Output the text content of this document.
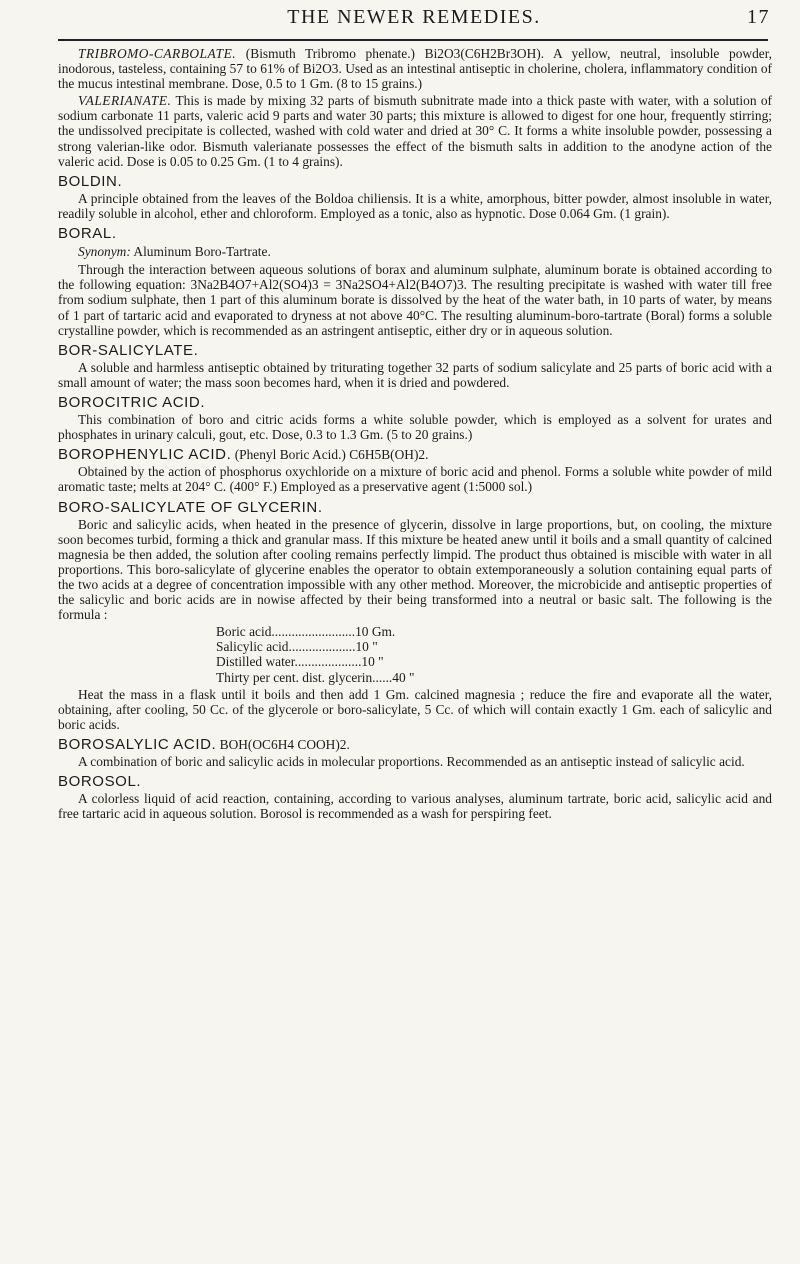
THE NEWER REMEDIES.	17

TRIBROMO-CARBOLATE. (Bismuth Tribromo phenate.) Bi2O3(C6H2Br3OH). A yellow, neutral, insoluble powder, inodorous, tasteless, containing 57 to 61% of Bi2O3. Used as an intestinal antiseptic in cholerine, cholera, inflammatory condition of the mucus intestinal membrane. Dose, 0.5 to 1 Gm. (8 to 15 grains.)

VALERIANATE. This is made by mixing 32 parts of bismuth subnitrate made into a thick paste with water, with a solution of sodium carbonate 11 parts, valeric acid 9 parts and water 30 parts; this mixture is allowed to digest for one hour, frequently stirring; the undissolved precipitate is collected, washed with cold water and dried at 30° C. It forms a white insoluble powder, possessing a strong valerian-like odor. Bismuth valerianate possesses the effect of the bismuth salts in addition to the anodyne action of the valeric acid. Dose is 0.05 to 0.25 Gm. (1 to 4 grains).

BOLDIN.

A principle obtained from the leaves of the Boldoa chiliensis. It is a white, amorphous, bitter powder, almost insoluble in water, readily soluble in alcohol, ether and chloroform. Employed as a tonic, also as hypnotic. Dose 0.064 Gm. (1 grain).

BORAL.

Synonym: Aluminum Boro-Tartrate.

Through the interaction between aqueous solutions of borax and aluminum sulphate, aluminum borate is obtained according to the following equation: 3Na2B4O7+Al2(SO4)3 = 3Na2SO4+Al2(B4O7)3. The resulting precipitate is washed with water till free from sodium sulphate, then 1 part of this aluminum borate is dissolved by the heat of the water bath, in 10 parts of water, by means of 1 part of tartaric acid and evaporated to dryness at not above 40°C. The resulting aluminum-boro-tartrate (Boral) forms a soluble crystalline powder, which is recommended as an astringent antiseptic, either dry or in aqueous solution.

BOR-SALICYLATE.

A soluble and harmless antiseptic obtained by triturating together 32 parts of sodium salicylate and 25 parts of boric acid with a small amount of water; the mass soon becomes hard, when it is dried and powdered.

BOROCITRIC ACID.

This combination of boro and citric acids forms a white soluble powder, which is employed as a solvent for urates and phosphates in urinary calculi, gout, etc. Dose, 0.3 to 1.3 Gm. (5 to 20 grains.)

BOROPHENYLIC ACID. (Phenyl Boric Acid.) C6H5B(OH)2.

Obtained by the action of phosphorus oxychloride on a mixture of boric acid and phenol. Forms a soluble white powder of mild aromatic taste; melts at 204° C. (400° F.) Employed as a preservative agent (1:5000 sol.)

BORO-SALICYLATE OF GLYCERIN.

Boric and salicylic acids, when heated in the presence of glycerin, dissolve in large proportions, but, on cooling, the mixture soon becomes turbid, forming a thick and granular mass. If this mixture be heated anew until it boils and a small quantity of calcined magnesia be then added, the solution after cooling remains perfectly limpid. The product thus obtained is miscible with water in all proportions. This boro-salicylate of glycerine enables the operator to obtain extemporaneously a solution containing equal parts of the two acids at a degree of concentration impossible with any other method. Moreover, the microbicide and antiseptic properties of the salicylic and boric acids are in nowise affected by their being transformed into a neutral or basic salt. The following is the formula :

Boric acid.........................10 Gm.
Salicylic acid....................10 "
Distilled water....................10 "
Thirty per cent. dist. glycerin......40 "

Heat the mass in a flask until it boils and then add 1 Gm. calcined magnesia ; reduce the fire and evaporate all the water, obtaining, after cooling, 50 Cc. of the glycerole or boro-salicylate, 5 Cc. of which will contain exactly 1 Gm. each of salicylic and boric acids.

BOROSALYLIC ACID. BOH(OC6H4 COOH)2.

A combination of boric and salicylic acids in molecular proportions. Recommended as an antiseptic instead of salicylic acid.

BOROSOL.

A colorless liquid of acid reaction, containing, according to various analyses, aluminum tartrate, boric acid, salicylic acid and free tartaric acid in aqueous solution. Borosol is recommended as a wash for perspiring feet.
